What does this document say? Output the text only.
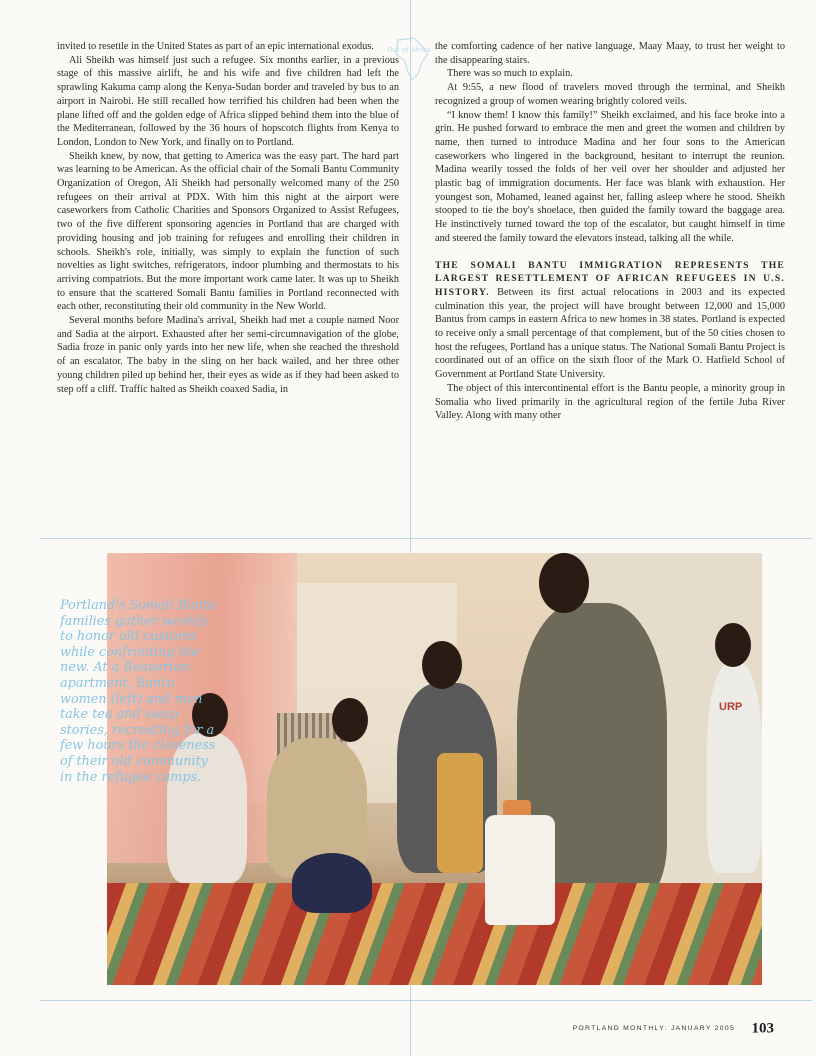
Out of Africa

invited to resettle in the United States as part of an epic international exodus.

Ali Sheikh was himself just such a refugee. Six months earlier, in a previous stage of this massive airlift, he and his wife and five children had left the sprawling Kakuma camp along the Kenya-Sudan border and traveled by bus to an airport in Nairobi. He still recalled how terrified his children had been when the plane lifted off and the golden edge of Africa slipped behind them into the blue of the Mediterranean, followed by the 36 hours of hopscotch flights from Kenya to London, London to New York, and finally on to Portland.

Sheikh knew, by now, that getting to America was the easy part. The hard part was learning to be American. As the official chair of the Somali Bantu Community Organization of Oregon, Ali Sheikh had personally welcomed many of the 250 refugees on their arrival at PDX. With him this night at the airport were caseworkers from Catholic Charities and Sponsors Organized to Assist Refugees, two of the five different sponsoring agencies in Portland that are charged with providing housing and job training for refugees and enrolling their children in schools. Sheikh's role, initially, was simply to explain the function of such novelties as light switches, refrigerators, indoor plumbing and thermostats to his arriving compatriots. But the more important work came later. It was up to Sheikh to ensure that the scattered Somali Bantu families in Portland reconnected with each other, reconstituting their old community in the New World.

Several months before Madina's arrival, Sheikh had met a couple named Noor and Sadia at the airport. Exhausted after her semi-circumnavigation of the globe, Sadia froze in panic only yards into her new life, when she reached the threshold of an escalator. The baby in the sling on her back wailed, and her three other young children piled up behind her, their eyes as wide as if they had been asked to step off a cliff. Traffic halted as Sheikh coaxed Sadia, in

the comforting cadence of her native language, Maay Maay, to trust her weight to the disappearing stairs.

There was so much to explain.

At 9:55, a new flood of travelers moved through the terminal, and Sheikh recognized a group of women wearing brightly colored veils.

“I know them! I know this family!” Sheikh exclaimed, and his face broke into a grin. He pushed forward to embrace the men and greet the women and children by name, then turned to introduce Madina and her four sons to the American caseworkers who lingered in the background, hesitant to interrupt the reunion. Madina wearily tossed the folds of her veil over her shoulder and adjusted her plastic bag of immigration documents. Her face was blank with exhaustion. Her youngest son, Mohamed, leaned against her, falling asleep where he stood. Sheikh stooped to tie the boy's shoelace, then guided the family toward the baggage area. He instinctively turned toward the top of the escalator, but caught himself in time and steered the family toward the elevators instead, talking all the while.

THE SOMALI BANTU IMMIGRATION REPRESENTS THE LARGEST RESETTLEMENT OF AFRICAN REFUGEES IN U.S. HISTORY. Between its first actual relocations in 2003 and its expected culmination this year, the project will have brought between 12,000 and 15,000 Bantus from camps in eastern Africa to new homes in 38 states. Portland is expected to receive only a small percentage of that complement, but of the 50 cities chosen to host the refugees, Portland has a unique status. The National Somali Bantu Project is coordinated out of an office on the sixth floor of the Mark O. Hatfield School of Government at Portland State University.

The object of this intercontinental effort is the Bantu people, a minority group in Somalia who lived primarily in the agricultural region of the fertile Juba River Valley. Along with many other

URP
Portland's Somali Bantu families gather weekly to honor old customs while confronting the new. At a Beaverton apartment, Bantu women (left) and men take tea and swap stories, recreating for a few hours the closeness of their old community in the refugee camps.
PORTLAND MONTHLY: JANUARY 2005 103
